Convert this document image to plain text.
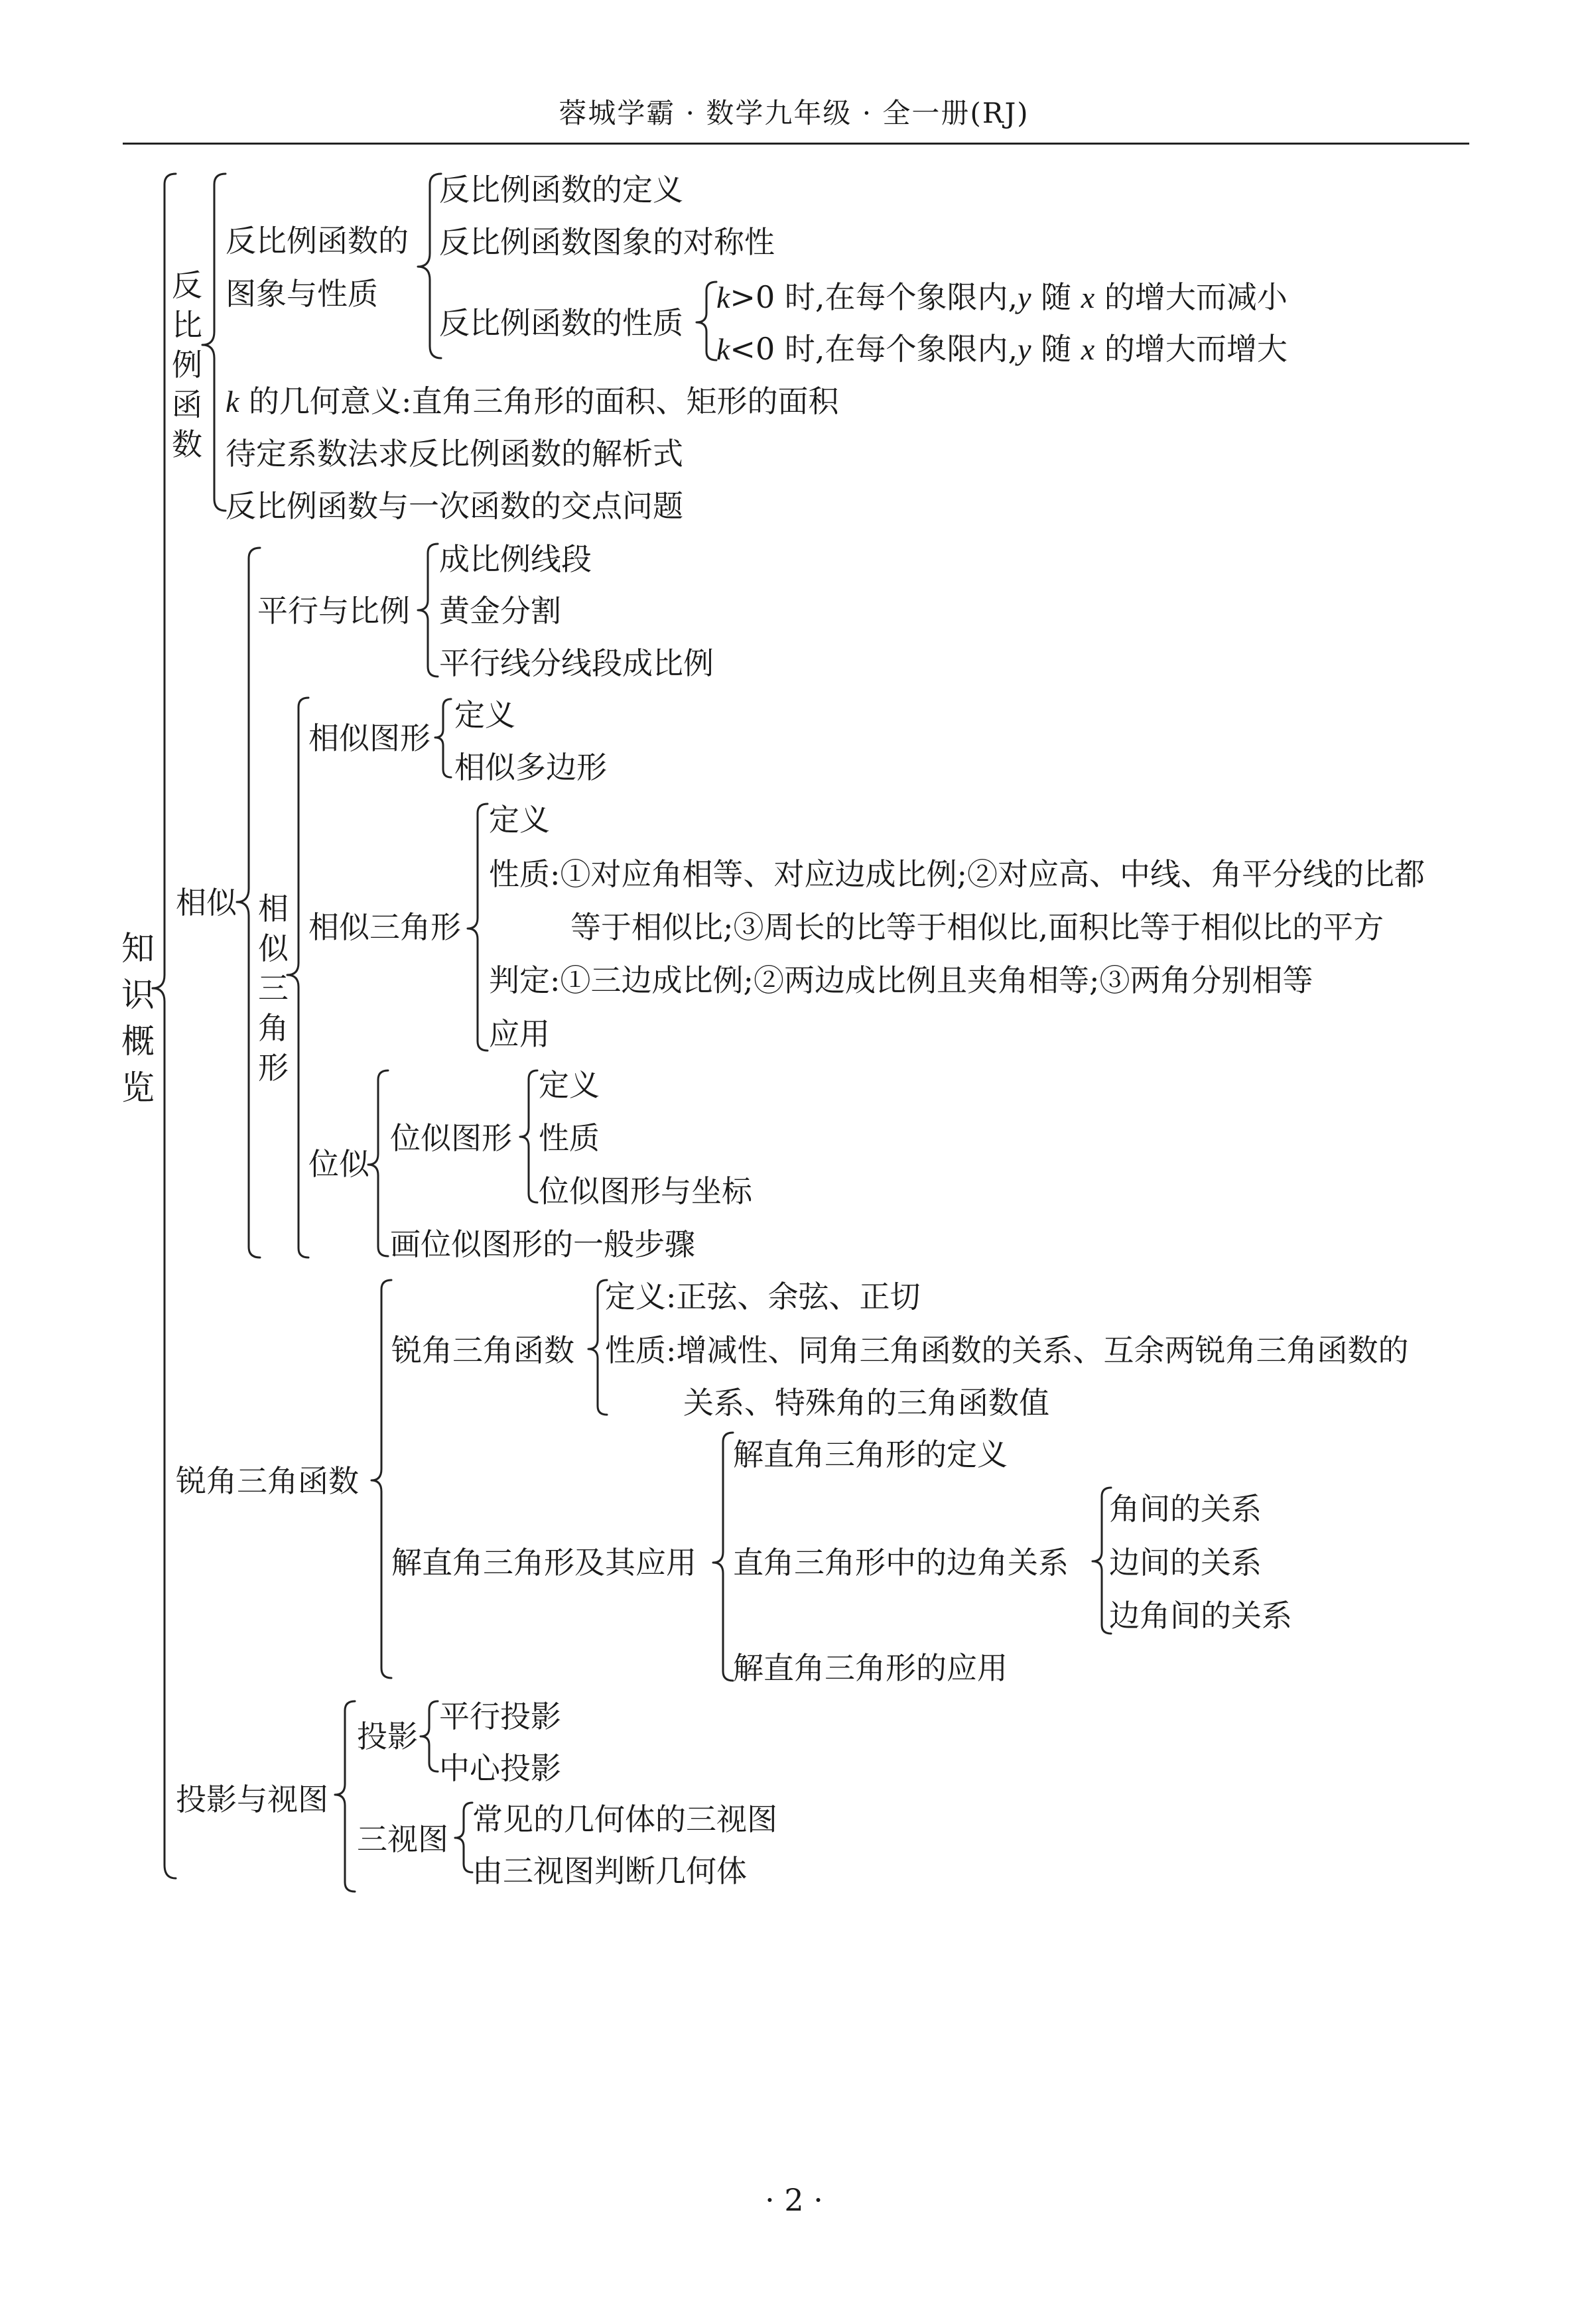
蓉城学霸 · 数学九年级 · 全一册(RJ)
知识概览
反比例函数
反比例函数的
图象与性质
反比例函数的定义
反比例函数图象的对称性
反比例函数的性质
k>0 时,在每个象限内,y 随 x 的增大而减小
k<0 时,在每个象限内,y 随 x 的增大而增大
k 的几何意义:直角三角形的面积、矩形的面积
待定系数法求反比例函数的解析式
反比例函数与一次函数的交点问题
相似
平行与比例
成比例线段
黄金分割
平行线分线段成比例
相似三角形
相似图形
定义
相似多边形
相似三角形
定义
性质:①对应角相等、对应边成比例;②对应高、中线、角平分线的比都
等于相似比;③周长的比等于相似比,面积比等于相似比的平方
判定:①三边成比例;②两边成比例且夹角相等;③两角分别相等
应用
位似
位似图形
定义
性质
位似图形与坐标
画位似图形的一般步骤
锐角三角函数
锐角三角函数
定义:正弦、余弦、正切
性质:增减性、同角三角函数的关系、互余两锐角三角函数的
关系、特殊角的三角函数值
解直角三角形及其应用
解直角三角形的定义
直角三角形中的边角关系
角间的关系
边间的关系
边角间的关系
解直角三角形的应用
投影与视图
投影
平行投影
中心投影
三视图
常见的几何体的三视图
由三视图判断几何体
· 2 ·
